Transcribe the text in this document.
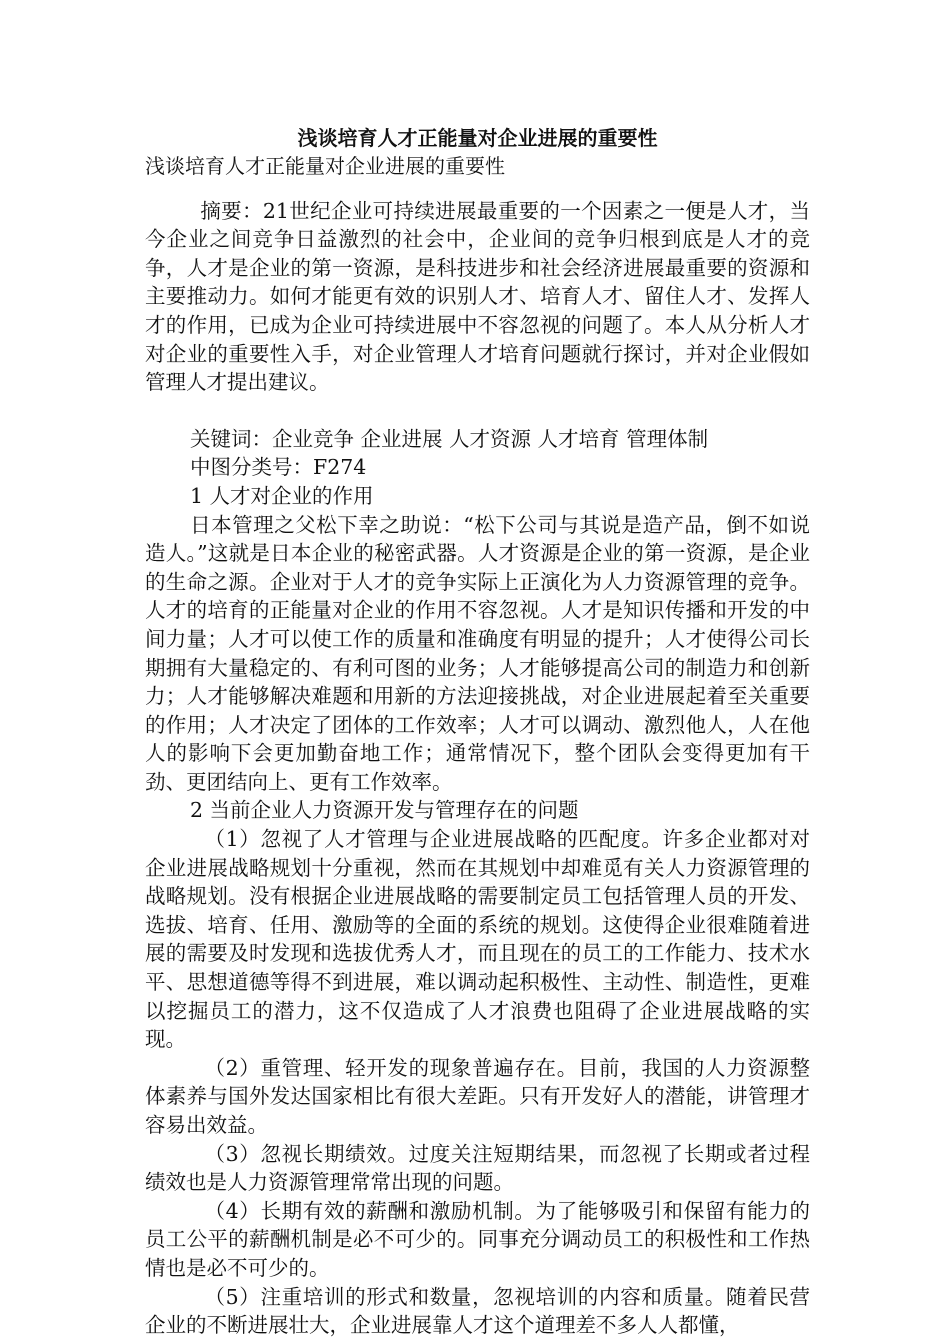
浅谈培育人才正能量对企业进展的重要性

浅谈培育人才正能量对企业进展的重要性

摘要：21世纪企业可持续进展最重要的一个因素之一便是人才，当今企业之间竞争日益激烈的社会中，企业间的竞争归根到底是人才的竞争，人才是企业的第一资源，是科技进步和社会经济进展最重要的资源和主要推动力。如何才能更有效的识别人才、培育人才、留住人才、发挥人才的作用，已成为企业可持续进展中不容忽视的问题了。本人从分析人才对企业的重要性入手，对企业管理人才培育问题就行探讨，并对企业假如管理人才提出建议。

关键词：企业竞争 企业进展 人才资源 人才培育 管理体制

中图分类号：F274

1 人才对企业的作用

日本管理之父松下幸之助说：“松下公司与其说是造产品，倒不如说造人。”这就是日本企业的秘密武器。人才资源是企业的第一资源，是企业的生命之源。企业对于人才的竞争实际上正演化为人力资源管理的竞争。人才的培育的正能量对企业的作用不容忽视。人才是知识传播和开发的中间力量；人才可以使工作的质量和准确度有明显的提升；人才使得公司长期拥有大量稳定的、有利可图的业务；人才能够提高公司的制造力和创新力；人才能够解决难题和用新的方法迎接挑战，对企业进展起着至关重要的作用；人才决定了团体的工作效率；人才可以调动、激烈他人，人在他人的影响下会更加勤奋地工作；通常情况下，整个团队会变得更加有干劲、更团结向上、更有工作效率。

2 当前企业人力资源开发与管理存在的问题

（1）忽视了人才管理与企业进展战略的匹配度。许多企业都对对企业进展战略规划十分重视，然而在其规划中却难觅有关人力资源管理的战略规划。没有根据企业进展战略的需要制定员工包括管理人员的开发、选拔、培育、任用、激励等的全面的系统的规划。这使得企业很难随着进展的需要及时发现和选拔优秀人才，而且现在的员工的工作能力、技术水平、思想道德等得不到进展，难以调动起积极性、主动性、制造性，更难以挖掘员工的潜力，这不仅造成了人才浪费也阻碍了企业进展战略的实现。

（2）重管理、轻开发的现象普遍存在。目前，我国的人力资源整体素养与国外发达国家相比有很大差距。只有开发好人的潜能，讲管理才容易出效益。

（3）忽视长期绩效。过度关注短期结果，而忽视了长期或者过程绩效也是人力资源管理常常出现的问题。

（4）长期有效的薪酬和激励机制。为了能够吸引和保留有能力的员工公平的薪酬机制是必不可少的。同事充分调动员工的积极性和工作热情也是必不可少的。

（5）注重培训的形式和数量，忽视培训的内容和质量。随着民营企业的不断进展壮大，企业进展靠人才这个道理差不多人人都懂，
